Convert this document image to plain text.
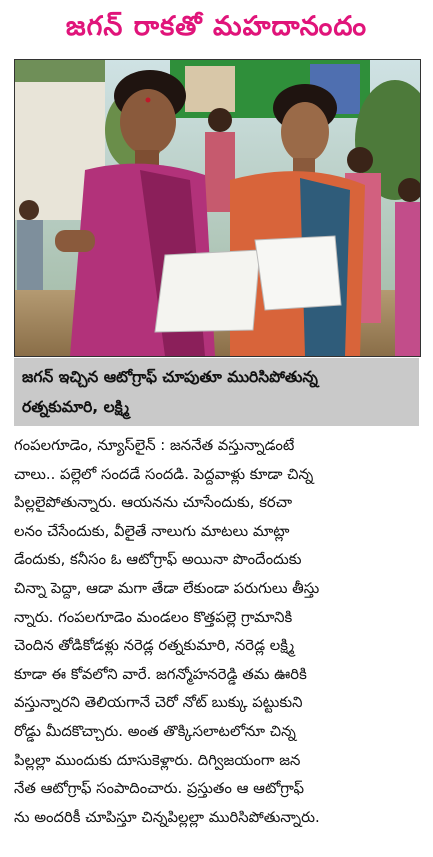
జగన్ రాకతో మహదానందం
జగన్ ఇచ్చిన ఆటోగ్రాఫ్ చూపుతూ మురిసిపోతున్న
రత్నకుమారి, లక్ష్మి
గంపలగూడెం, న్యూస్‌లైన్ : జననేత వస్తున్నాడంటే
చాలు.. పల్లెలో సందడే సందడి. పెద్దవాళ్లు కూడా చిన్న
పిల్లలైపోతున్నారు. ఆయనను చూసేందుకు, కరచా
లనం చేసేందుకు, వీలైతే నాలుగు మాటలు మాట్లా
డేందుకు, కనీసం ఓ ఆటోగ్రాఫ్ అయినా పొందేందుకు
చిన్నా పెద్దా, ఆడా మగా తేడా లేకుండా పరుగులు తీస్తు
న్నారు. గంపలగూడెం మండలం కొత్తపల్లె గ్రామానికి
చెందిన తోడికోడళ్లు నరెడ్ల రత్నకుమారి, నరెడ్ల లక్ష్మి
కూడా ఈ కోవలోని వారే. జగన్మోహనరెడ్డి తమ ఊరికి
వస్తున్నారని తెలియగానే చెరో నోట్ బుక్కు పట్టుకుని
రోడ్డు మీదకొచ్చారు. అంత తొక్కిసలాటలోనూ చిన్న
పిల్లల్లా ముందుకు దూసుకెళ్లారు. దిగ్విజయంగా జన
నేత ఆటోగ్రాఫ్ సంపాదించారు. ప్రస్తుతం ఆ ఆటోగ్రాఫ్
ను అందరికీ చూపిస్తూ చిన్నపిల్లల్లా మురిసిపోతున్నారు.
